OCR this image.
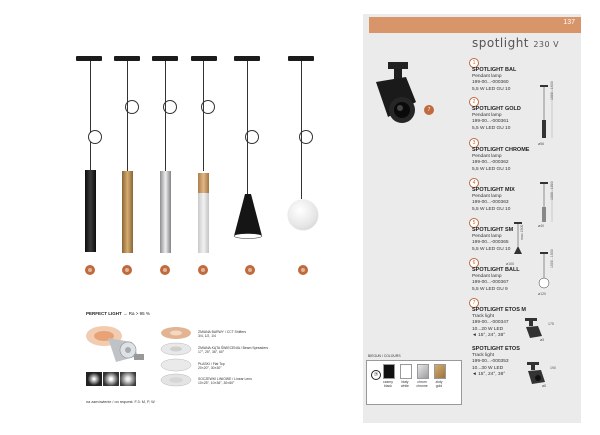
137
spotlight 230 V
7
1
SPOTLIGHT BAL
Pendant lamp
199-00...-000360
5,5 W LED GU 10
2
SPOTLIGHT GOLD
Pendant lamp
199-00...-000361
5,5 W LED GU 10
3
SPOTLIGHT CHROME
Pendant lamp
199-00...-000362
5,5 W LED GU 10
4
SPOTLIGHT MIX
Pendant lamp
199-00...-000363
5,5 W LED GU 10
5
SPOTLIGHT SM
Pendant lamp
199-00...-000365
5,5 W LED GU 10
6
SPOTLIGHT BALL
Pendant lamp
199-00...-000367
5,5 W LED GU 9
7
SPOTLIGHT ETOS M
Track light
199-00...-000347
10...20 W LED
◄ 15°, 24°, 38°
SPOTLIGHT ETOS
Track light
199-00...-000353
10...30 W LED
◄ 15°, 24°, 38°
1000 - 1600
ø56
1000 - 1500
ø40
max 1500
ø100	1000 - 1500
ø120
175
ø5
190
ø8
BIEGUN / COLOURS
⑦
czarny
black
biały
white
chrom
chrome
złoty
gold
PERFECT LIGHT → Ra > 95 %
na zamówienie / on request: F.3: M, P, W
ZMIANA BARWY / CCT Shifters
3/4, 1/2, 1/4
ZMIANA KĄTA ŚWIECENIA / Beam Spreaders
17°, 25°, 36°, 60°
PŁASKI / Flat Top
20×20°, 30×30°
SOCZEWKI LINIOWE / Linear Lens
10×25°, 10×36°, 30×60°
